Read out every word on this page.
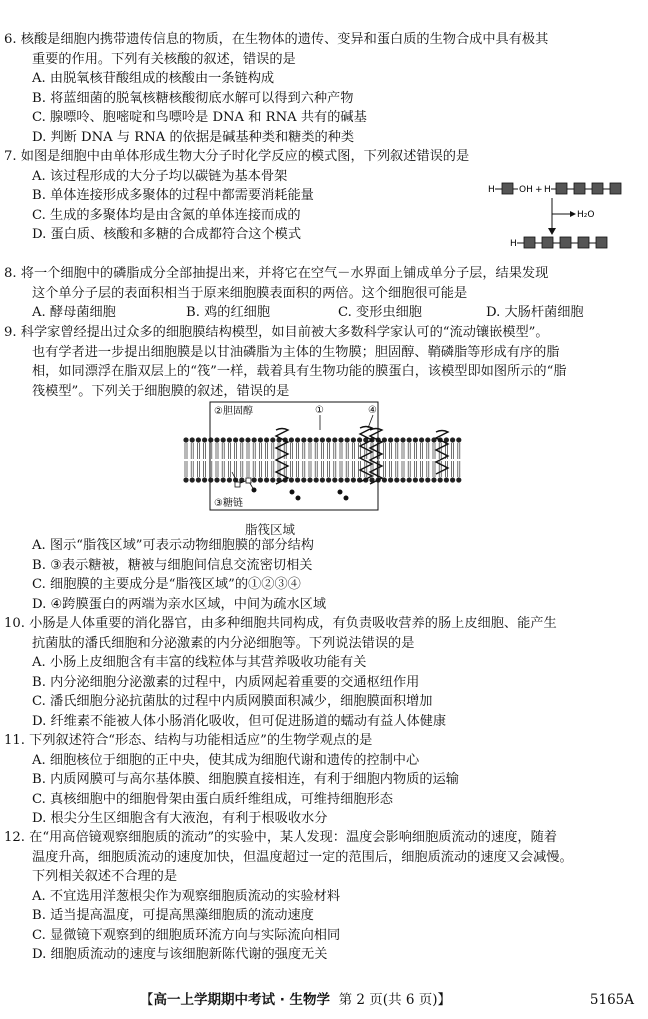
6. 核酸是细胞内携带遗传信息的物质，在生物体的遗传、变异和蛋白质的生物合成中具有极其
重要的作用。下列有关核酸的叙述，错误的是
A. 由脱氧核苷酸组成的核酸由一条链构成
B. 将蓝细菌的脱氧核糖核酸彻底水解可以得到六种产物
C. 腺嘌呤、胞嘧啶和鸟嘌呤是 DNA 和 RNA 共有的碱基
D. 判断 DNA 与 RNA 的依据是碱基种类和糖类的种类
7. 如图是细胞中由单体形成生物大分子时化学反应的模式图，下列叙述错误的是
A. 该过程形成的大分子均以碳链为基本骨架
B. 单体连接形成多聚体的过程中都需要消耗能量
C. 生成的多聚体均是由含氮的单体连接而成的
D. 蛋白质、核酸和多糖的合成都符合这个模式
H	OH + H
H₂O
H
8. 将一个细胞中的磷脂成分全部抽提出来，并将它在空气－水界面上铺成单分子层，结果发现
这个单分子层的表面积相当于原来细胞膜表面积的两倍。这个细胞很可能是
A. 酵母菌细胞	B. 鸡的红细胞	C. 变形虫细胞	D. 大肠杆菌细胞
9. 科学家曾经提出过众多的细胞膜结构模型，如目前被大多数科学家认可的“流动镶嵌模型”。
也有学者进一步提出细胞膜是以甘油磷脂为主体的生物膜；胆固醇、鞘磷脂等形成有序的脂
相，如同漂浮在脂双层上的“筏”一样，载着具有生物功能的膜蛋白，该模型即如图所示的“脂
筏模型”。下列关于细胞膜的叙述，错误的是
②胆固醇	①	④
③糖链
脂筏区域
A. 图示“脂筏区域”可表示动物细胞膜的部分结构
B. ③表示糖被，糖被与细胞间信息交流密切相关
C. 细胞膜的主要成分是“脂筏区域”的①②③④
D. ④跨膜蛋白的两端为亲水区域，中间为疏水区域
10. 小肠是人体重要的消化器官，由多种细胞共同构成，有负责吸收营养的肠上皮细胞、能产生
抗菌肽的潘氏细胞和分泌激素的内分泌细胞等。下列说法错误的是
A. 小肠上皮细胞含有丰富的线粒体与其营养吸收功能有关
B. 内分泌细胞分泌激素的过程中，内质网起着重要的交通枢纽作用
C. 潘氏细胞分泌抗菌肽的过程中内质网膜面积减少，细胞膜面积增加
D. 纤维素不能被人体小肠消化吸收，但可促进肠道的蠕动有益人体健康
11. 下列叙述符合“形态、结构与功能相适应”的生物学观点的是
A. 细胞核位于细胞的正中央，使其成为细胞代谢和遗传的控制中心
B. 内质网膜可与高尔基体膜、细胞膜直接相连，有利于细胞内物质的运输
C. 真核细胞中的细胞骨架由蛋白质纤维组成，可维持细胞形态
D. 根尖分生区细胞含有大液泡，有利于根吸收水分
12. 在“用高倍镜观察细胞质的流动”的实验中，某人发现：温度会影响细胞质流动的速度，随着
温度升高，细胞质流动的速度加快，但温度超过一定的范围后，细胞质流动的速度又会减慢。
下列相关叙述不合理的是
A. 不宜选用洋葱根尖作为观察细胞质流动的实验材料
B. 适当提高温度，可提高黑藻细胞质的流动速度
C. 显微镜下观察到的细胞质环流方向与实际流向相同
D. 细胞质流动的速度与该细胞新陈代谢的强度无关
【高一上学期期中考试 · 生物学 第 2 页(共 6 页)】	5165A
